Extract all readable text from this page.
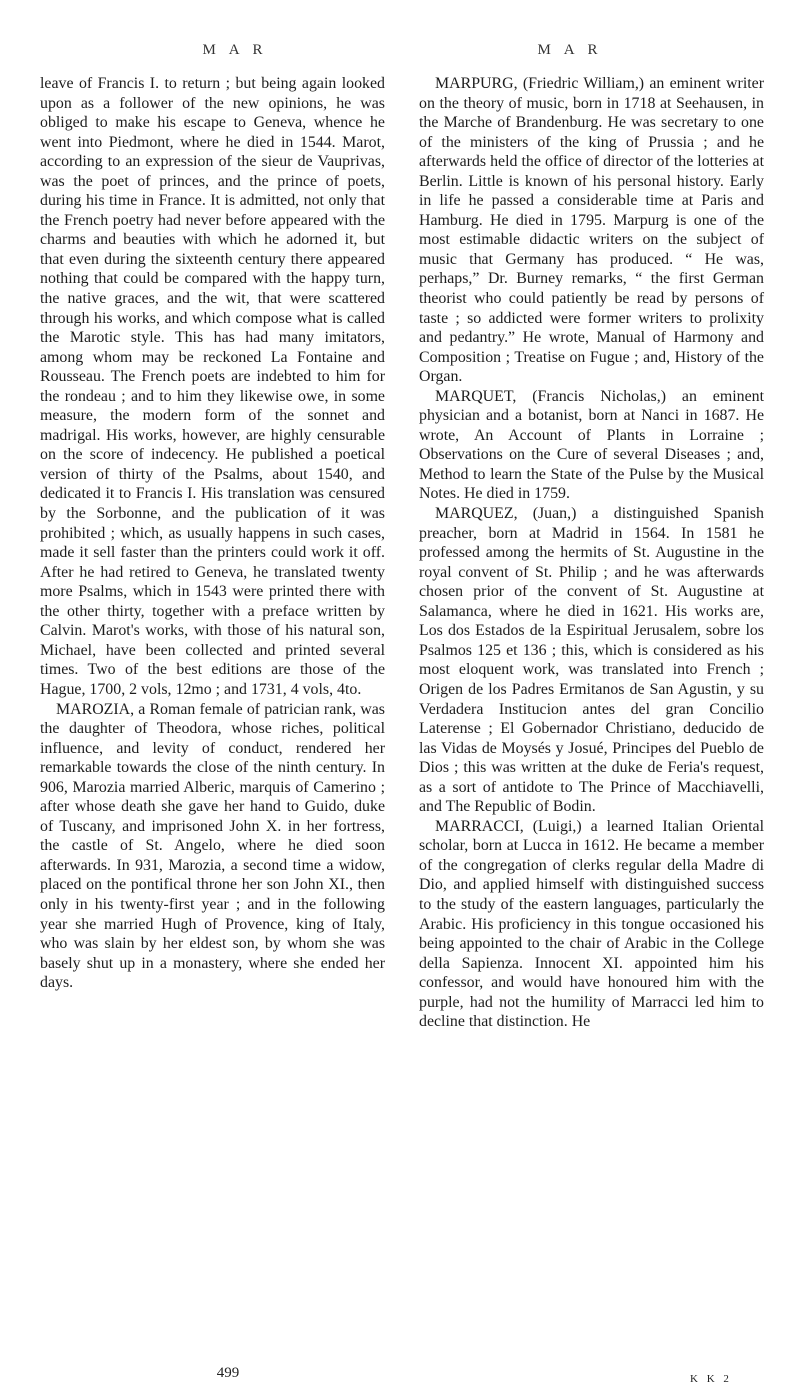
M A R	M A R

leave of Francis I. to return ; but being again looked upon as a follower of the new opinions, he was obliged to make his escape to Geneva, whence he went into Piedmont, where he died in 1544. Marot, according to an expression of the sieur de Vauprivas, was the poet of princes, and the prince of poets, during his time in France. It is admitted, not only that the French poetry had never before appeared with the charms and beauties with which he adorned it, but that even during the sixteenth century there appeared nothing that could be compared with the happy turn, the native graces, and the wit, that were scattered through his works, and which compose what is called the Marotic style. This has had many imitators, among whom may be reckoned La Fontaine and Rousseau. The French poets are indebted to him for the rondeau ; and to him they likewise owe, in some measure, the modern form of the sonnet and madrigal. His works, however, are highly censurable on the score of indecency. He published a poetical version of thirty of the Psalms, about 1540, and dedicated it to Francis I. His translation was censured by the Sorbonne, and the publication of it was prohibited ; which, as usually happens in such cases, made it sell faster than the printers could work it off. After he had retired to Geneva, he translated twenty more Psalms, which in 1543 were printed there with the other thirty, together with a preface written by Calvin. Marot's works, with those of his natural son, Michael, have been collected and printed several times. Two of the best editions are those of the Hague, 1700, 2 vols, 12mo ; and 1731, 4 vols, 4to.

MAROZIA, a Roman female of patrician rank, was the daughter of Theodora, whose riches, political influence, and levity of conduct, rendered her remarkable towards the close of the ninth century. In 906, Marozia married Alberic, marquis of Camerino ; after whose death she gave her hand to Guido, duke of Tuscany, and imprisoned John X. in her fortress, the castle of St. Angelo, where he died soon afterwards. In 931, Marozia, a second time a widow, placed on the pontifical throne her son John XI., then only in his twenty-first year ; and in the following year she married Hugh of Provence, king of Italy, who was slain by her eldest son, by whom she was basely shut up in a monastery, where she ended her days.

MARPURG, (Friedric William,) an eminent writer on the theory of music, born in 1718 at Seehausen, in the Marche of Brandenburg. He was secretary to one of the ministers of the king of Prussia ; and he afterwards held the office of director of the lotteries at Berlin. Little is known of his personal history. Early in life he passed a considerable time at Paris and Hamburg. He died in 1795. Marpurg is one of the most estimable didactic writers on the subject of music that Germany has produced. “ He was, perhaps,” Dr. Burney remarks, “ the first German theorist who could patiently be read by persons of taste ; so addicted were former writers to prolixity and pedantry.” He wrote, Manual of Harmony and Composition ; Treatise on Fugue ; and, History of the Organ.

MARQUET, (Francis Nicholas,) an eminent physician and a botanist, born at Nanci in 1687. He wrote, An Account of Plants in Lorraine ; Observations on the Cure of several Diseases ; and, Method to learn the State of the Pulse by the Musical Notes. He died in 1759.

MARQUEZ, (Juan,) a distinguished Spanish preacher, born at Madrid in 1564. In 1581 he professed among the hermits of St. Augustine in the royal convent of St. Philip ; and he was afterwards chosen prior of the convent of St. Augustine at Salamanca, where he died in 1621. His works are, Los dos Estados de la Espiritual Jerusalem, sobre los Psalmos 125 et 136 ; this, which is considered as his most eloquent work, was translated into French ; Origen de los Padres Ermitanos de San Agustin, y su Verdadera Institucion antes del gran Concilio Laterense ; El Gobernador Christiano, deducido de las Vidas de Moysés y Josué, Principes del Pueblo de Dios ; this was written at the duke de Feria's request, as a sort of antidote to The Prince of Macchiavelli, and The Republic of Bodin.

MARRACCI, (Luigi,) a learned Italian Oriental scholar, born at Lucca in 1612. He became a member of the congregation of clerks regular della Madre di Dio, and applied himself with distinguished success to the study of the eastern languages, particularly the Arabic. His proficiency in this tongue occasioned his being appointed to the chair of Arabic in the College della Sapienza. Innocent XI. appointed him his confessor, and would have honoured him with the purple, had not the humility of Marracci led him to decline that distinction. He

499	K K 2
